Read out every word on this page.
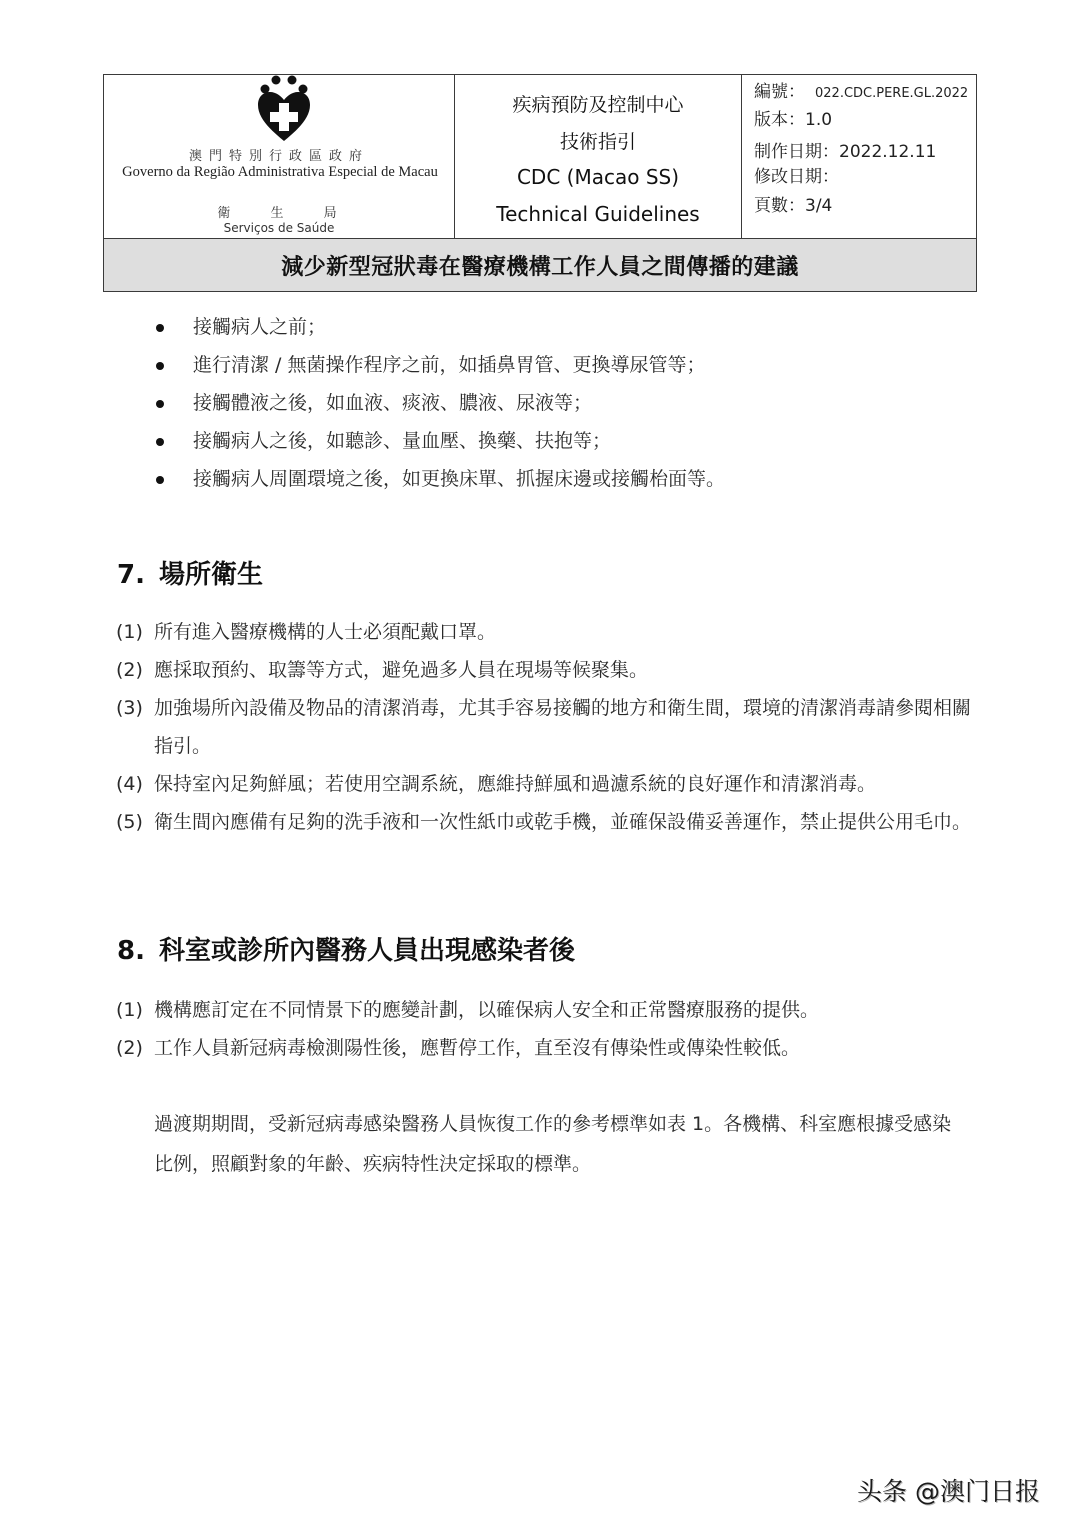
澳門特別行政區政府
Governo da Região Administrativa Especial de Macau
衛 生 局
Serviços de Saúde
疾病預防及控制中心
技術指引
CDC (Macao SS)
Technical Guidelines
編號： 022.CDC.PERE.GL.2022
版本：1.0
制作日期：2022.12.11
修改日期：
頁數：3/4
減少新型冠狀毒在醫療機構工作人員之間傳播的建議
接觸病人之前；
進行清潔 / 無菌操作程序之前，如插鼻胃管、更換導尿管等；
接觸體液之後，如血液、痰液、膿液、尿液等；
接觸病人之後，如聽診、量血壓、換藥、扶抱等；
接觸病人周圍環境之後，如更換床單、抓握床邊或接觸枱面等。
7. 場所衛生
(1) 所有進入醫療機構的人士必須配戴口罩。
(2) 應採取預約、取籌等方式，避免過多人員在現場等候聚集。
(3) 加強場所內設備及物品的清潔消毒，尤其手容易接觸的地方和衛生間，環境的清潔消毒請參閱相關指引。
(4) 保持室內足夠鮮風；若使用空調系統，應維持鮮風和過濾系統的良好運作和清潔消毒。
(5) 衛生間內應備有足夠的洗手液和一次性紙巾或乾手機，並確保設備妥善運作，禁止提供公用毛巾。
8. 科室或診所內醫務人員出現感染者後
(1) 機構應訂定在不同情景下的應變計劃，以確保病人安全和正常醫療服務的提供。
(2) 工作人員新冠病毒檢測陽性後，應暫停工作，直至沒有傳染性或傳染性較低。
過渡期期間，受新冠病毒感染醫務人員恢復工作的參考標準如表 1。各機構、科室應根據受感染比例，照顧對象的年齡、疾病特性決定採取的標準。
头条 @澳门日报
